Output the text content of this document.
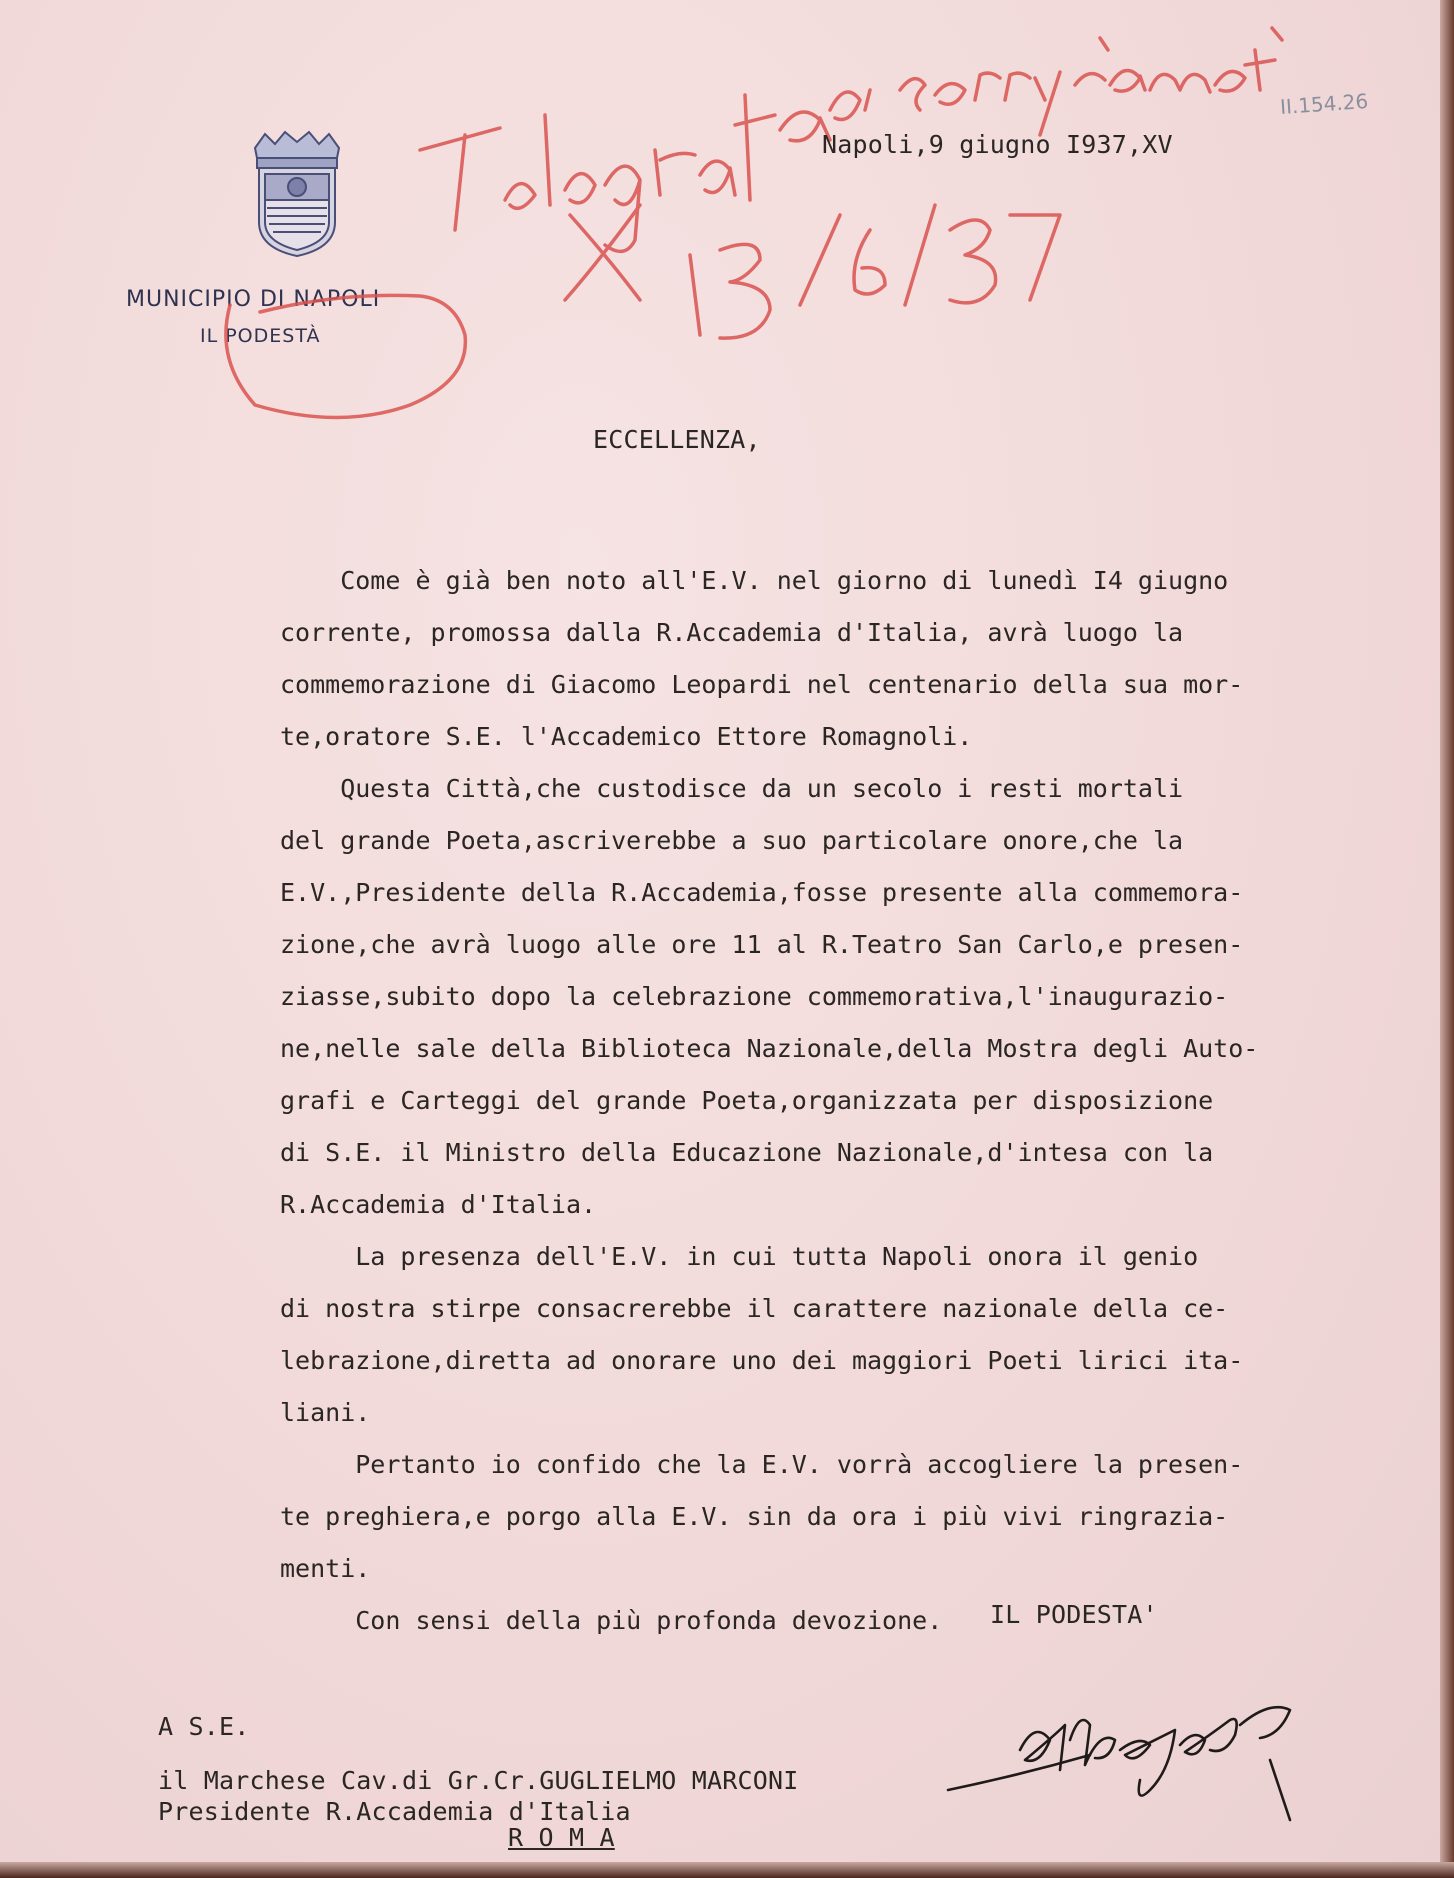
MUNICIPIO DI NAPOLI
IL PODESTÀ
II.154.26
Napoli,9 giugno I937,XV
ECCELLENZA,
Come è già ben noto all'E.V. nel giorno di lunedì I4 giugno
corrente, promossa dalla R.Accademia d'Italia, avrà luogo la
commemorazione di Giacomo Leopardi nel centenario della sua mor-
te,oratore S.E. l'Accademico Ettore Romagnoli.
Questa Città,che custodisce da un secolo i resti mortali
del grande Poeta,ascriverebbe a suo particolare onore,che la
E.V.,Presidente della R.Accademia,fosse presente alla commemora-
zione,che avrà luogo alle ore 11 al R.Teatro San Carlo,e presen-
ziasse,subito dopo la celebrazione commemorativa,l'inaugurazio-
ne,nelle sale della Biblioteca Nazionale,della Mostra degli Auto-
grafi e Carteggi del grande Poeta,organizzata per disposizione
di S.E. il Ministro della Educazione Nazionale,d'intesa con la
R.Accademia d'Italia.
La presenza dell'E.V. in cui tutta Napoli onora il genio
di nostra stirpe consacrerebbe il carattere nazionale della ce-
lebrazione,diretta ad onorare uno dei maggiori Poeti lirici ita-
liani.
Pertanto io confido che la E.V. vorrà accogliere la presen-
te preghiera,e porgo alla E.V. sin da ora i più vivi ringrazia-
menti.
Con sensi della più profonda devozione.	IL PODESTA'
A S.E.
il Marchese Cav.di Gr.Cr.GUGLIELMO MARCONI
Presidente R.Accademia d'Italia
R O M A
